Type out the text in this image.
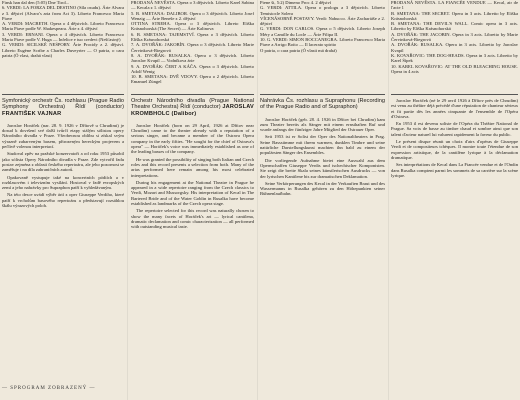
Finsk han dal den (5:05) Dne Tirol...

6. VERDI: LA FORZA DEL DESTINO (Síla osudu). Árie Alvara z 3. dějství (Alvaro's aria from Act 3). Libreto Francesco Maria Piave

A. VERDI: MACBETH. Opera o 4 dějstvích. Libreto Francesco Maria Piave podle W. Shakespeara. Árie z 4. dějství

3. VERDI: ERNANI. Opera o 4 dějstvích. Libreto Francesco Maria Piave podle V. Huga — Infelice e tuo credevi (Nešťastný)

G. VERDI: SICILSKÉ NEŠPORY. Árie Procidy z 2. dějství. Libreto Eugène Scribe a Charles Duveyrier — O patria, o cara patria (Ó vlast, drahá vlast)

Symfonický orchestr Čs. rozhlasu (Prague Radio Symphony Orchestra) Řídí (conductor) FRANTIŠEK VAJNAR

Jaroslav Horáček (nar. 28. 9. 1926 v Dřítově u Chrudimi) je dosud k dovršení své další tvůrčí etapy stálým sólistou opery Národního divadla v Praze. Všeobecnou oblibu si získal svým výrazně zabarveným basem, přirozeným hereckým projevem a pečlivě volenou interpretací.

Studoval zpěv na pražské konzervatoři a od roku 1953 působil jako sólista Opery Národního divadla v Praze. Zde vytvořil řadu postav zejména z oblasti českého repertoáru, ale jeho pozornost se zaměřuje i na díla zahraničních autorů.

Opakovaně vystupuje také na koncertních pódiích a v rozhlasovém i televizním vysílání. Hostoval v řadě evropských zemí a jeho nahrávky pro Supraphon patří k vyhledávaným.

Na této desce uvádí výběr árií z oper Giuseppe Verdiho, které patří k vrcholům basového repertoáru a představují rozsáhlou škálu výrazových poloh.

— SPROGRAM ZOBRAZENÝ —

PRODANÁ NEVĚSTA. Opera o 3 dějstvích. Libreto Karel Sabina — Kecala z 1. dějství

5. B. SMETANA: DALIBOR. Opera o 3 dějstvích. Libreto Josef Wenzig — Árie Beneše z 2. dějství

OTTINA STREHA. Opera o 3 dějstvích. Libreto Eliška Krásnohorská (The Secret) — Árie Kalinova

6. B. SMETANA: TAJEMSTVÍ. Opera o 3 dějstvích. Libreto Eliška Krásnohorská

7. A. DVOŘÁK: JAKOBÍN. Opera o 3 dějstvích. Libreto Marie Červinková-Riegrová

8. A. DVOŘÁK: RUSALKA. Opera o 3 dějstvích. Libreto Jaroslav Kvapil — Vodníkova árie

9. A. DVOŘÁK: ČERT A KÁČA. Opera o 3 dějstvích. Libreto Adolf Wenig

10. B. SMETANA: DVĚ VDOVY. Opera o 2 dějstvích. Libreto Emanuel Züngel

Orchestr Národního divadla (Prague National Theatre Orchestra) Řídí (conductor) JAROSLAV KROMBHOLC (Dalibor)

Jaroslav Horáček (born on 29 April, 1926 at Dřítov near Chrudim) came to the theatre already with a reputation of a serious singer, and became a member of the Ostrava Opera company in the early fifties. "He sought for the chief of Ostrava's opera" — Horáček's voice was immediately established as one of the leading basses of the company.

He was granted the possibility of singing both Italian and Czech roles and this record presents a selection from both. Many of the arias performed here remain among his most celebrated interpretations.

During his engagement at the National Theatre in Prague he appeared in a wide repertoire ranging from the Czech classics to Verdi, Mozart and Mussorgsky. His interpretation of Kecal in The Bartered Bride and of the Water Goblin in Rusalka have become established as landmarks of the Czech opera stage.

The repertoire selected for this record was naturally chosen to show the many facets of Horáček's art — lyrical cantilena, dramatic declamation and comic characterization — all performed with outstanding musical taste.

Piene ši, 5:2) Dimeno Proc 4. 2 dějství

G. VERDI: ATTILA. Opera o prologu a 3 dějstvích. Libreto Temistocle Solera

VÍCENÁSOBNÉ POSTAVY. Verdi: Nabucco. Árie Zachariáše z 2. dějství

G. VERDI: DON CARLOS. Opera o 5 dějstvích. Libreto Joseph Méry a Camille du Locle — Árie Filipa II.

10. G. VERDI: SIMON BOCCANEGRA. Libreto Francesco Maria Piave a Arrigo Boito — Il lacerato spirito

O patria, o cara patria (Ó vlasti má drahá)

Nahrávka Čs. rozhlasu a Supraphonu (Recording of the Prague Radio and of Supraphon)

Jaroslav Horáček (geb. 28. 4. 1926 in Dřítov bei Chrudim) kam zum Theater bereits als Sänger mit einem ernsthaften Ruf und wurde anfangs der fünfziger Jahre Mitglied der Ostrauer Oper.

Seit 1953 ist er Solist der Oper des Nationaltheaters in Prag. Seine Bassstimme mit ihrem warmen, dunklen Timbre und seine natürliche Darstellungskunst machten ihn bald zu einem der populärsten Sänger des Ensembles.

Die vorliegende Aufnahme bietet eine Auswahl aus dem Opernschaffen Giuseppe Verdis und tschechischer Komponisten. Sie zeigt die breite Skala seines künstlerischen Ausdrucks — von der lyrischen Kantilene bis zur dramatischen Deklamation.

Seine Verkörperungen des Kecal in der Verkauften Braut und des Wassermanns in Rusalka gehören zu den Höhepunkten seiner Bühnenlaufbahn.

PRODANÁ NEVĚSTA. LA FIANCÉE VENDUE — Kecal, air de l'acte 1

B. SMETANA: THE SECRET. Opera in 3 acts. Libretto by Eliška Krásnohorská

B. SMETANA: THE DEVIL'S WALL. Comic opera in 3 acts. Libretto by Eliška Krásnohorská

A. DVOŘÁK: THE JACOBIN. Opera in 3 acts. Libretto by Marie Červinková-Riegrová

A. DVOŘÁK: RUSALKA. Opera in 3 acts. Libretto by Jaroslav Kvapil

K. KOVAŘOVIC: THE DOG-HEADS. Opera in 3 acts. Libretto by Karel Šípek

10. KAREL KOVAŘOVIC: AT THE OLD BLEACHING HOUSE. Opera in 4 acts

Jaroslav Horáček (né le 29 avril 1926 à Dřítov près de Chrudim) est venu au théâtre déjà précédé d'une réputation de chanteur sérieux et fit partie dès les années cinquante de l'ensemble de l'Opéra d'Ostrava.

En 1953 il est devenu soliste de l'Opéra du Théâtre National de Prague. Sa voix de basse au timbre chaud et sombre ainsi que son talent d'acteur naturel lui valurent rapidement la faveur du public.

Le présent disque réunit un choix d'airs d'opéras de Giuseppe Verdi et de compositeurs tchèques. Il montre toute l'étendue de son expression artistique, de la cantilène lyrique à la déclamation dramatique.

Ses interprétations de Kecal dans La Fiancée vendue et de l'Ondin dans Rusalka comptent parmi les sommets de sa carrière sur la scène lyrique.
